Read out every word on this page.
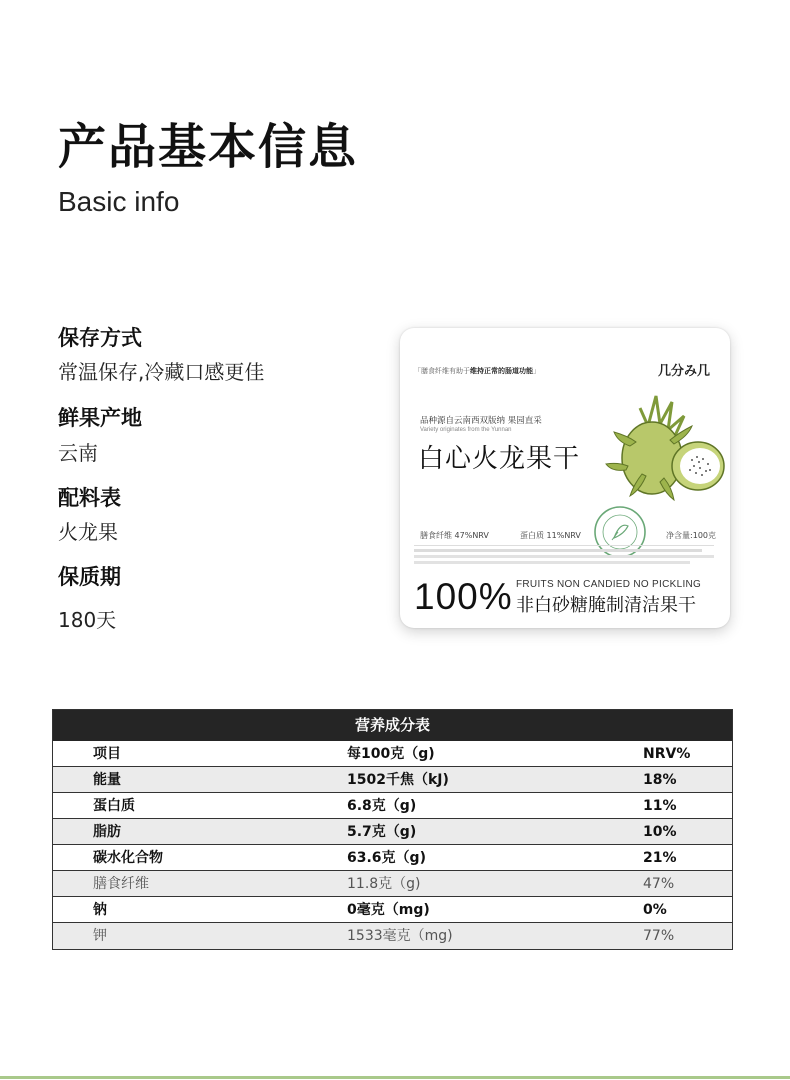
产品基本信息
Basic info
保存方式
常温保存,冷藏口感更佳
鲜果产地
云南
配料表
火龙果
保质期
180天
「膳食纤维有助于维持正常的肠道功能」	几分み几
品种源自云南西双版纳 果园直采
Variety originates from the Yunnan
白心火龙果干
膳食纤维 47%NRV	蛋白质 11%NRV	净含量:100克
100% FRUITS NON CANDIED NO PICKLING
非白砂糖腌制清洁果干
营养成分表
项目	每100克（g)	NRV%
能量	1502千焦（kJ)	18%
蛋白质	6.8克（g)	11%
脂肪	5.7克（g)	10%
碳水化合物	63.6克（g)	21%
膳食纤维	11.8克（g)	47%
钠	0毫克（mg)	0%
钾	1533毫克（mg)	77%
